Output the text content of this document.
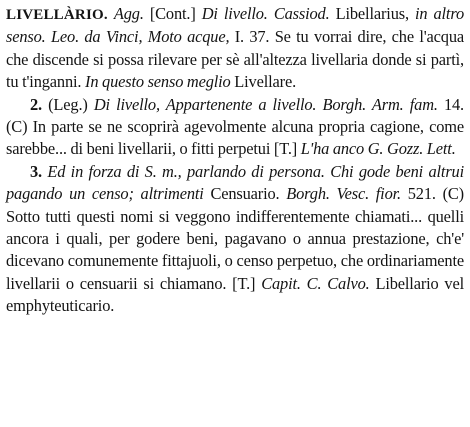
LIVELLÀRIO. Agg. [Cont.] Di livello. Cassiod. Libellarius, in altro senso. Leo. da Vinci, Moto acque, I. 37. Se tu vorrai dire, che l'acqua che discende si possa rilevare per sè all'altezza livellaria donde si partì, tu t'inganni. In questo senso meglio Livellare.

2. (Leg.) Di livello, Appartenente a livello. Borgh. Arm. fam. 14. (C) In parte se ne scoprirà agevolmente alcuna propria cagione, come sarebbe... di beni livellarii, o fitti perpetui [T.] L'ha anco G. Gozz. Lett.

3. Ed in forza di S. m., parlando di persona. Chi gode beni altrui pagando un censo; altrimenti Censuario. Borgh. Vesc. fior. 521. (C) Sotto tutti questi nomi si veggono indifferentemente chiamati... quelli ancora i quali, per godere beni, pagavano o annua prestazione, ch'e' dicevano comunemente fittajuoli, o censo perpetuo, che ordinariamente livellarii o censuarii si chiamano. [T.] Capit. C. Calvo. Libellario vel emphyteuticario.
